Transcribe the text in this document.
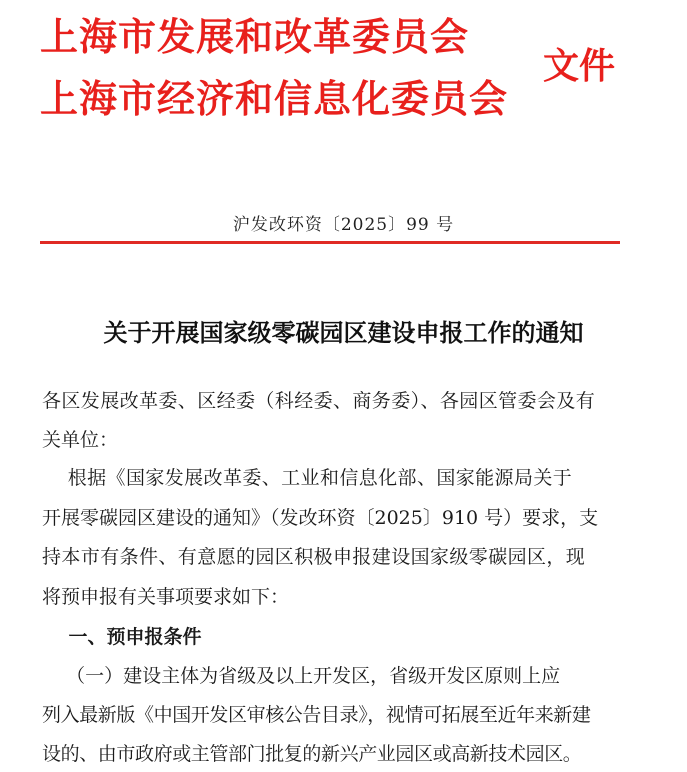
上海市发展和改革委员会
上海市经济和信息化委员会
文件
沪发改环资〔2025〕99 号
关于开展国家级零碳园区建设申报工作的通知
各区发展改革委、区经委（科经委、商务委）、各园区管委会及有
关单位：
根据《国家发展改革委、工业和信息化部、国家能源局关于
开展零碳园区建设的通知》（发改环资〔2025〕910 号）要求，支
持本市有条件、有意愿的园区积极申报建设国家级零碳园区，现
将预申报有关事项要求如下：
一、预申报条件
（一）建设主体为省级及以上开发区，省级开发区原则上应
列入最新版《中国开发区审核公告目录》，视情可拓展至近年来新建
设的、由市政府或主管部门批复的新兴产业园区或高新技术园区。
